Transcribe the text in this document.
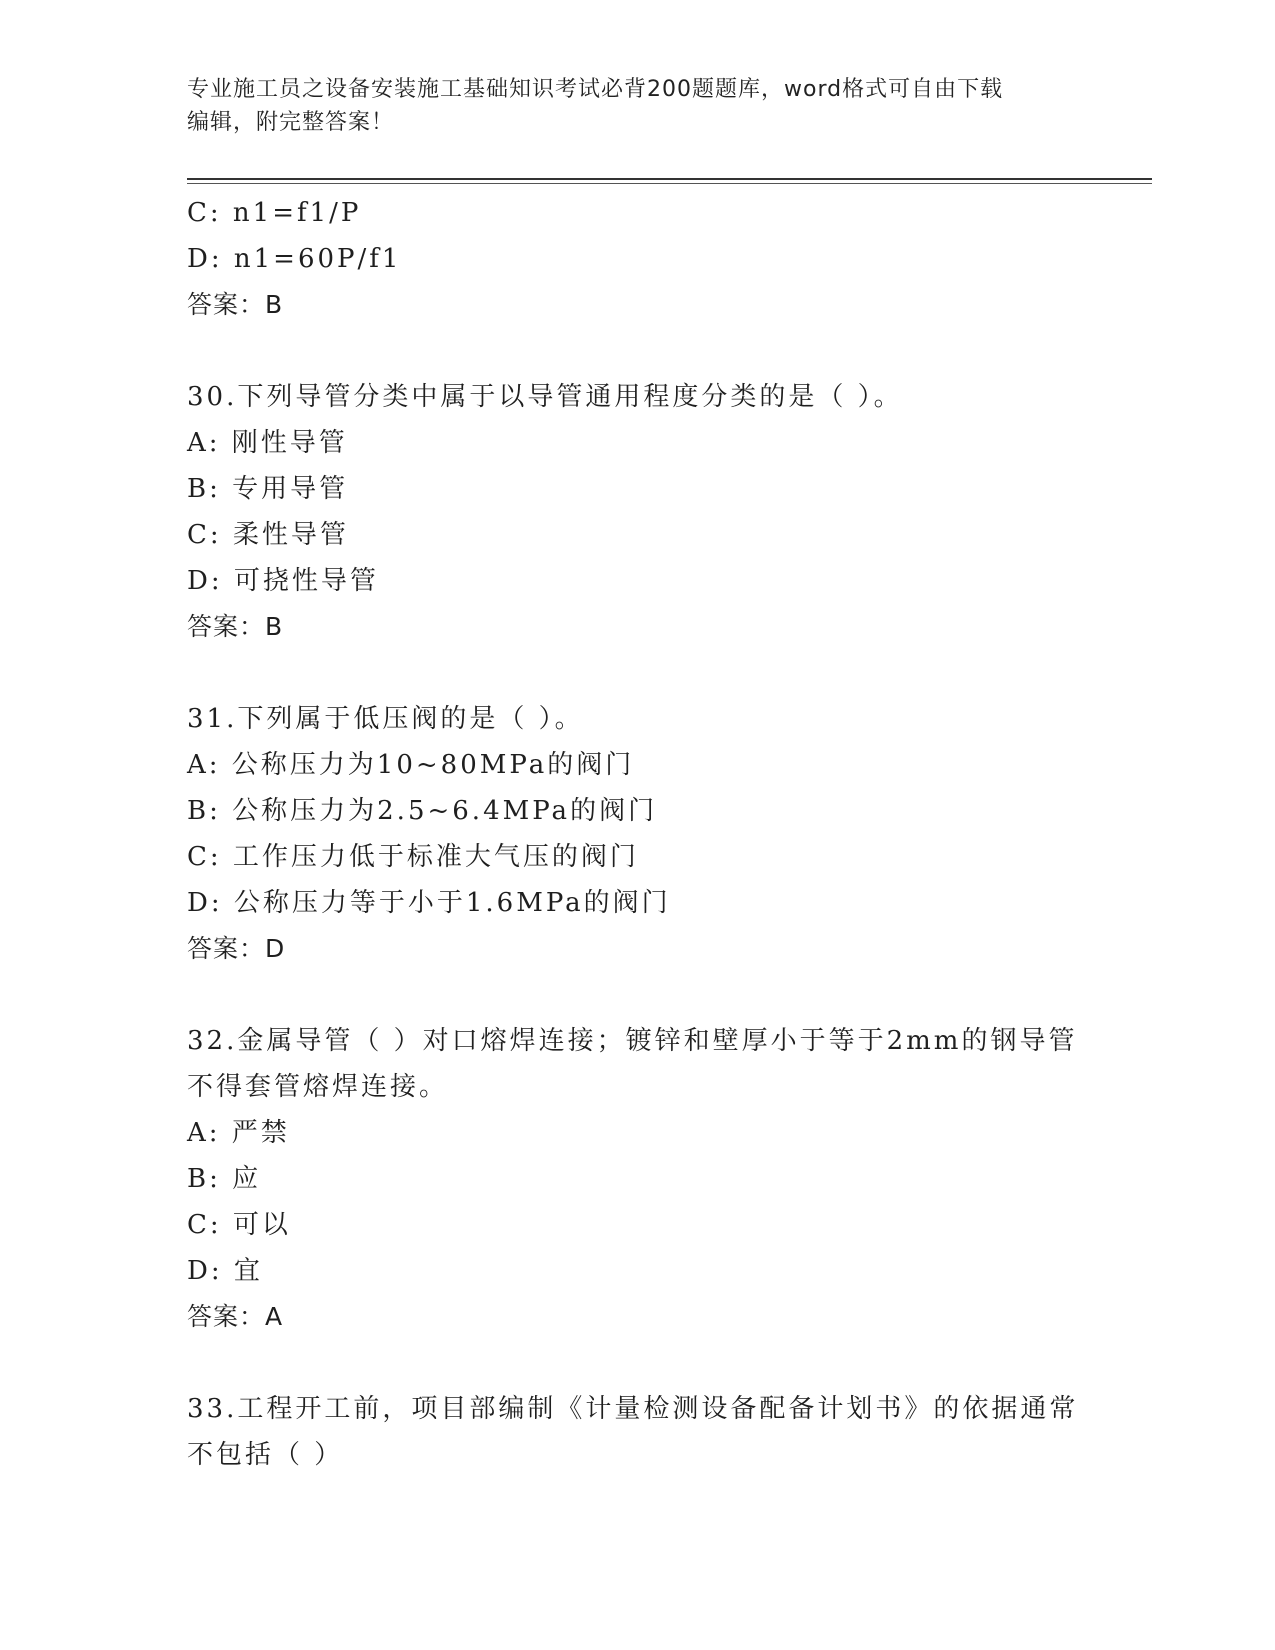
专业施工员之设备安装施工基础知识考试必背200题题库，word格式可自由下载
编辑，附完整答案！
C: n1=f1/P
D: n1=60P/f1
答案：B
30.下列导管分类中属于以导管通用程度分类的是（ ）。
A: 刚性导管
B: 专用导管
C: 柔性导管
D: 可挠性导管
答案：B
31.下列属于低压阀的是（ ）。
A: 公称压力为10~80MPa的阀门
B: 公称压力为2.5~6.4MPa的阀门
C: 工作压力低于标准大气压的阀门
D: 公称压力等于小于1.6MPa的阀门
答案：D
32.金属导管（ ）对口熔焊连接；镀锌和壁厚小于等于2mm的钢导管
不得套管熔焊连接。
A: 严禁
B: 应
C: 可以
D: 宜
答案：A
33.工程开工前，项目部编制《计量检测设备配备计划书》的依据通常
不包括（ ）
